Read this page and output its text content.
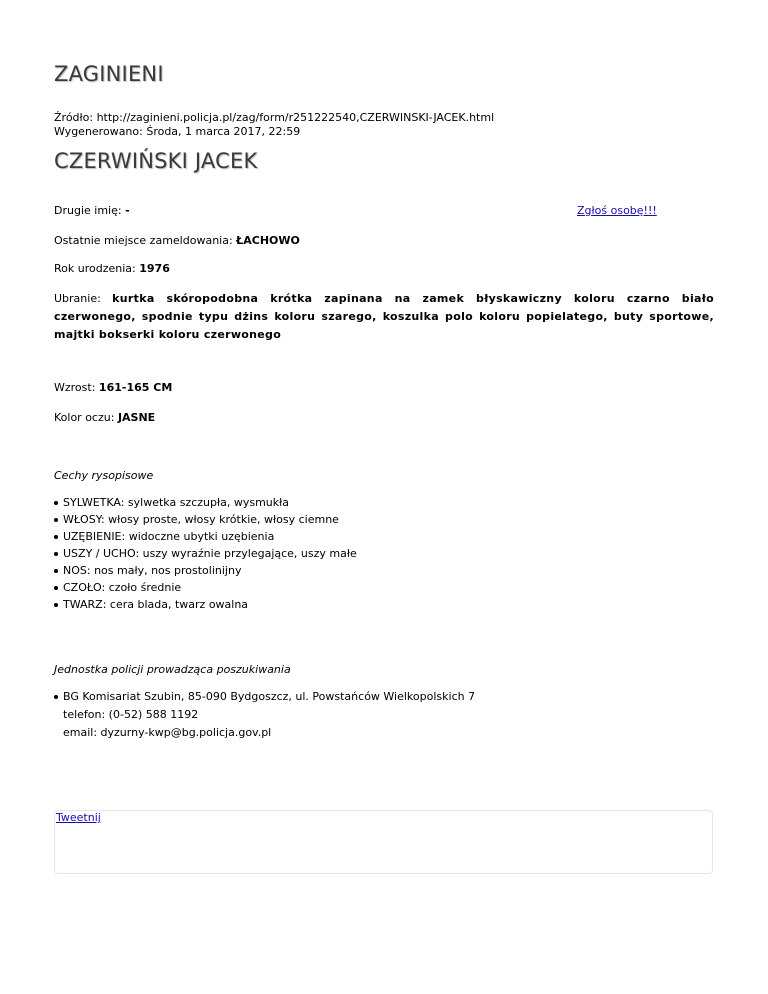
ZAGINIENI
Źródło: http://zaginieni.policja.pl/zag/form/r251222540,CZERWINSKI-JACEK.html
Wygenerowano: Środa, 1 marca 2017, 22:59
CZERWIŃSKI JACEK
Drugie imię: -	Zgłoś osobę!!!
Ostatnie miejsce zameldowania: ŁACHOWO
Rok urodzenia: 1976
Ubranie: kurtka skóropodobna krótka zapinana na zamek błyskawiczny koloru czarno biało czerwonego, spodnie typu dżins koloru szarego, koszulka polo koloru popielatego, buty sportowe, majtki bokserki koloru czerwonego
Wzrost: 161-165 CM
Kolor oczu: JASNE
Cechy rysopisowe
SYLWETKA: sylwetka szczupła, wysmukła
WŁOSY: włosy proste, włosy krótkie, włosy ciemne
UZĘBIENIE: widoczne ubytki uzębienia
USZY / UCHO: uszy wyraźnie przylegające, uszy małe
NOS: nos mały, nos prostolinijny
CZOŁO: czoło średnie
TWARZ: cera blada, twarz owalna
Jednostka policji prowadząca poszukiwania
BG Komisariat Szubin, 85-090 Bydgoszcz, ul. Powstańców Wielkopolskich 7
telefon: (0-52) 588 1192
email: dyzurny-kwp@bg.policja.gov.pl
Tweetnij
